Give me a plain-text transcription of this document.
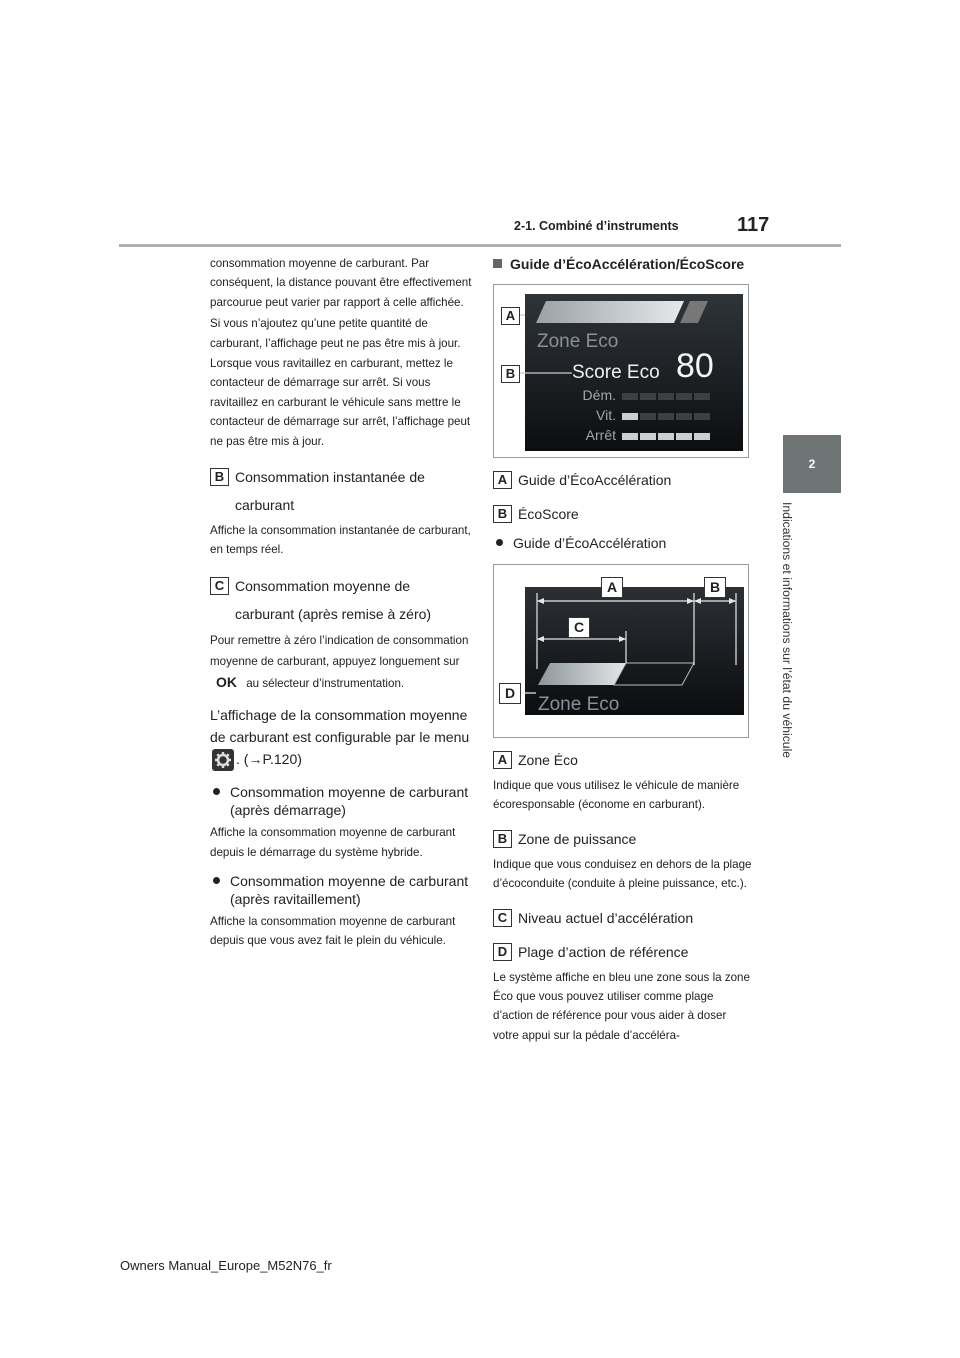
2-1. Combiné d’instruments	117
2
Indications et informations sur l’état du véhicule

consommation moyenne de carburant. Par conséquent, la distance pouvant être effectivement parcourue peut varier par rapport à celle affichée.

Si vous n’ajoutez qu’une petite quantité de carburant, l’affichage peut ne pas être mis à jour.

Lorsque vous ravitaillez en carburant, mettez le contacteur de démarrage sur arrêt. Si vous ravitaillez en carburant le véhicule sans mettre le contacteur de démarrage sur arrêt, l’affichage peut ne pas être mis à jour.

B Consommation instantanée de carburant

Affiche la consommation instantanée de carburant, en temps réel.

C Consommation moyenne de carburant (après remise à zéro)

Pour remettre à zéro l’indication de consommation moyenne de carburant, appuyez longuement sur OK au sélecteur d’instrumentation.

L’affichage de la consommation moyenne de carburant est configurable par le menu . (→P.120)

Consommation moyenne de carburant (après démarrage)

Affiche la consommation moyenne de carburant depuis le démarrage du système hybride.

Consommation moyenne de carburant (après ravitaillement)

Affiche la consommation moyenne de carburant depuis que vous avez fait le plein du véhicule.

Guide d’ÉcoAccélération/ÉcoScore
Zone Eco
Score Eco 80
Dém.
Vit.
Arrêt
A
B
A Guide d’ÉcoAccélération
B ÉcoScore
Guide d’ÉcoAccélération
Zone Eco
A	B
C
D
A Zone Éco

Indique que vous utilisez le véhicule de manière écoresponsable (économe en carburant).

B Zone de puissance

Indique que vous conduisez en dehors de la plage d’écoconduite (conduite à pleine puissance, etc.).

C Niveau actuel d’accélération
D Plage d’action de référence

Le système affiche en bleu une zone sous la zone Éco que vous pouvez utiliser comme plage d’action de référence pour vous aider à doser votre appui sur la pédale d’accéléra-

Owners Manual_Europe_M52N76_fr
